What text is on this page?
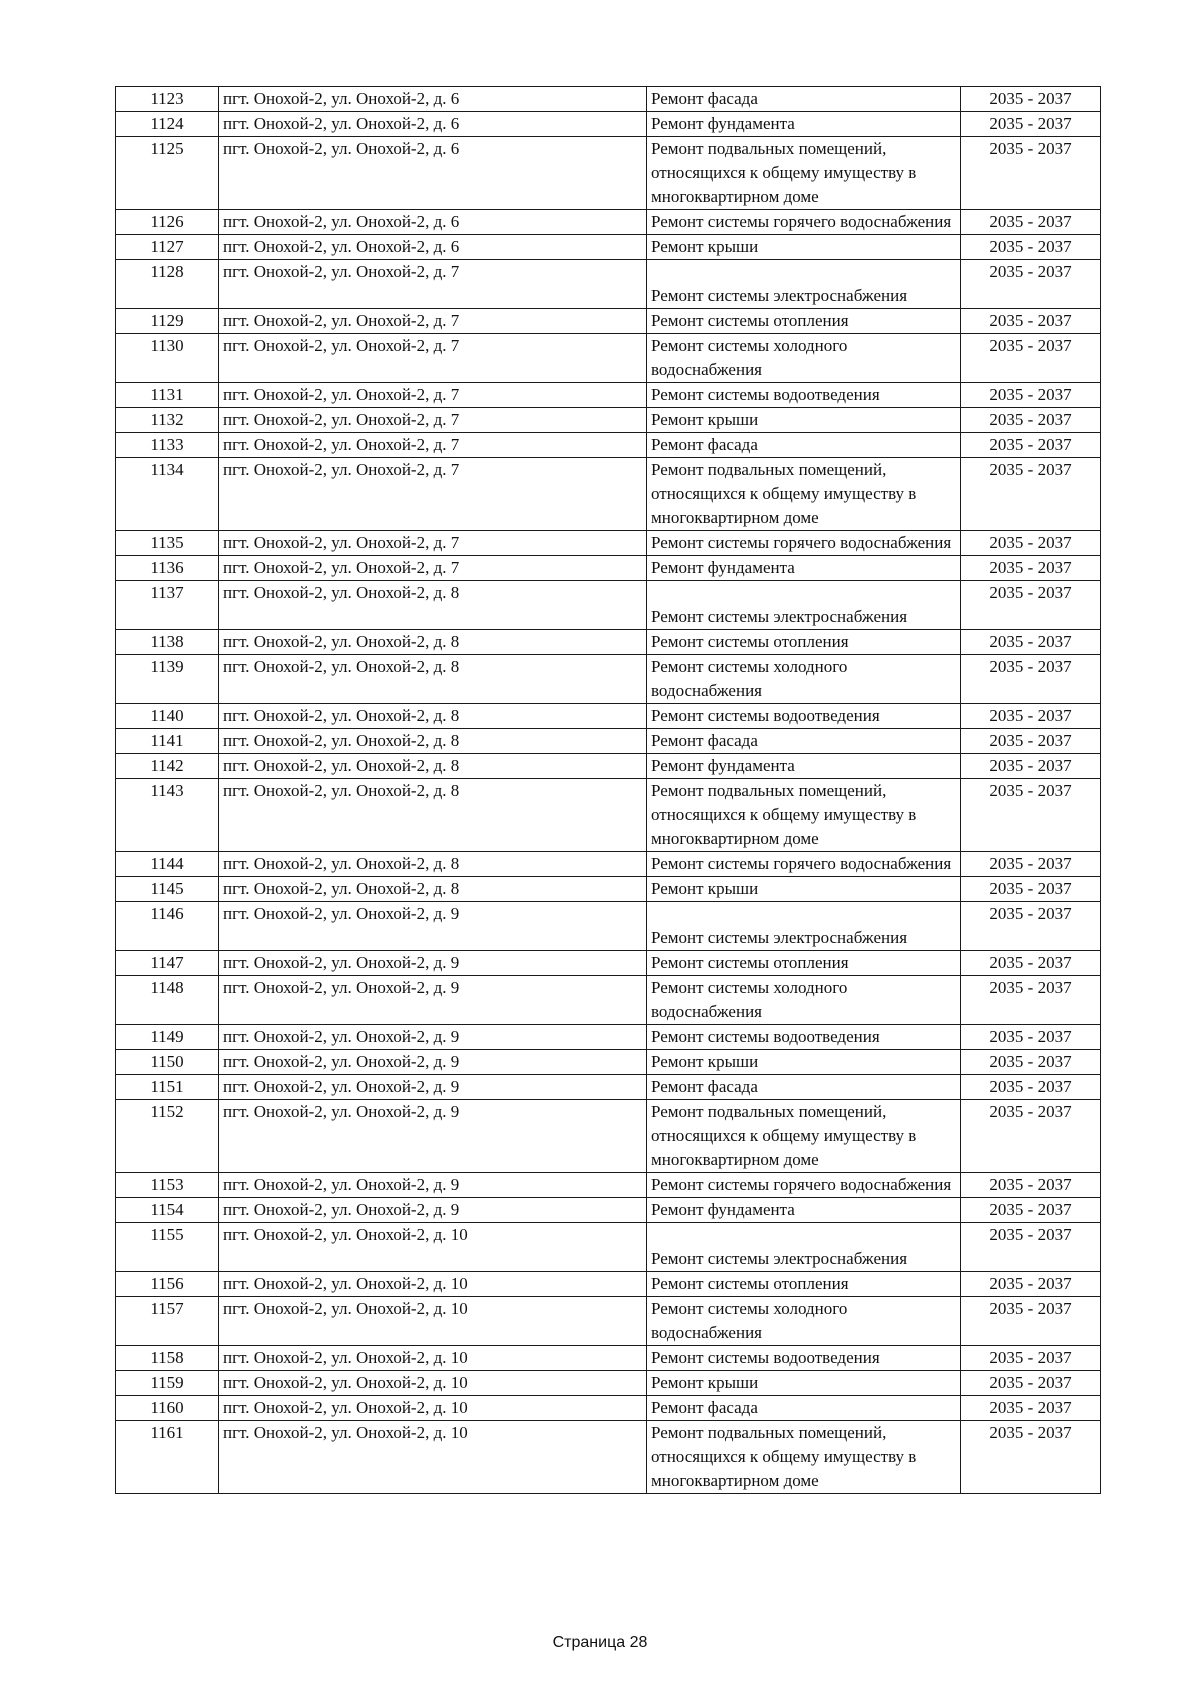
1123	пгт. Онохой-2, ул. Онохой-2, д. 6	Ремонт фасада	2035 - 2037
1124	пгт. Онохой-2, ул. Онохой-2, д. 6	Ремонт фундамента	2035 - 2037
1125	пгт. Онохой-2, ул. Онохой-2, д. 6	Ремонт подвальных помещений, относящихся к общему имуществу в многоквартирном доме	2035 - 2037
1126	пгт. Онохой-2, ул. Онохой-2, д. 6	Ремонт системы горячего водоснабжения	2035 - 2037
1127	пгт. Онохой-2, ул. Онохой-2, д. 6	Ремонт крыши	2035 - 2037
1128	пгт. Онохой-2, ул. Онохой-2, д. 7	Ремонт системы электроснабжения	2035 - 2037
1129	пгт. Онохой-2, ул. Онохой-2, д. 7	Ремонт системы отопления	2035 - 2037
1130	пгт. Онохой-2, ул. Онохой-2, д. 7	Ремонт системы холодного водоснабжения	2035 - 2037
1131	пгт. Онохой-2, ул. Онохой-2, д. 7	Ремонт системы водоотведения	2035 - 2037
1132	пгт. Онохой-2, ул. Онохой-2, д. 7	Ремонт крыши	2035 - 2037
1133	пгт. Онохой-2, ул. Онохой-2, д. 7	Ремонт фасада	2035 - 2037
1134	пгт. Онохой-2, ул. Онохой-2, д. 7	Ремонт подвальных помещений, относящихся к общему имуществу в многоквартирном доме	2035 - 2037
1135	пгт. Онохой-2, ул. Онохой-2, д. 7	Ремонт системы горячего водоснабжения	2035 - 2037
1136	пгт. Онохой-2, ул. Онохой-2, д. 7	Ремонт фундамента	2035 - 2037
1137	пгт. Онохой-2, ул. Онохой-2, д. 8	Ремонт системы электроснабжения	2035 - 2037
1138	пгт. Онохой-2, ул. Онохой-2, д. 8	Ремонт системы отопления	2035 - 2037
1139	пгт. Онохой-2, ул. Онохой-2, д. 8	Ремонт системы холодного водоснабжения	2035 - 2037
1140	пгт. Онохой-2, ул. Онохой-2, д. 8	Ремонт системы водоотведения	2035 - 2037
1141	пгт. Онохой-2, ул. Онохой-2, д. 8	Ремонт фасада	2035 - 2037
1142	пгт. Онохой-2, ул. Онохой-2, д. 8	Ремонт фундамента	2035 - 2037
1143	пгт. Онохой-2, ул. Онохой-2, д. 8	Ремонт подвальных помещений, относящихся к общему имуществу в многоквартирном доме	2035 - 2037
1144	пгт. Онохой-2, ул. Онохой-2, д. 8	Ремонт системы горячего водоснабжения	2035 - 2037
1145	пгт. Онохой-2, ул. Онохой-2, д. 8	Ремонт крыши	2035 - 2037
1146	пгт. Онохой-2, ул. Онохой-2, д. 9	Ремонт системы электроснабжения	2035 - 2037
1147	пгт. Онохой-2, ул. Онохой-2, д. 9	Ремонт системы отопления	2035 - 2037
1148	пгт. Онохой-2, ул. Онохой-2, д. 9	Ремонт системы холодного водоснабжения	2035 - 2037
1149	пгт. Онохой-2, ул. Онохой-2, д. 9	Ремонт системы водоотведения	2035 - 2037
1150	пгт. Онохой-2, ул. Онохой-2, д. 9	Ремонт крыши	2035 - 2037
1151	пгт. Онохой-2, ул. Онохой-2, д. 9	Ремонт фасада	2035 - 2037
1152	пгт. Онохой-2, ул. Онохой-2, д. 9	Ремонт подвальных помещений, относящихся к общему имуществу в многоквартирном доме	2035 - 2037
1153	пгт. Онохой-2, ул. Онохой-2, д. 9	Ремонт системы горячего водоснабжения	2035 - 2037
1154	пгт. Онохой-2, ул. Онохой-2, д. 9	Ремонт фундамента	2035 - 2037
1155	пгт. Онохой-2, ул. Онохой-2, д. 10	Ремонт системы электроснабжения	2035 - 2037
1156	пгт. Онохой-2, ул. Онохой-2, д. 10	Ремонт системы отопления	2035 - 2037
1157	пгт. Онохой-2, ул. Онохой-2, д. 10	Ремонт системы холодного водоснабжения	2035 - 2037
1158	пгт. Онохой-2, ул. Онохой-2, д. 10	Ремонт системы водоотведения	2035 - 2037
1159	пгт. Онохой-2, ул. Онохой-2, д. 10	Ремонт крыши	2035 - 2037
1160	пгт. Онохой-2, ул. Онохой-2, д. 10	Ремонт фасада	2035 - 2037
1161	пгт. Онохой-2, ул. Онохой-2, д. 10	Ремонт подвальных помещений, относящихся к общему имуществу в многоквартирном доме	2035 - 2037
Страница 28
